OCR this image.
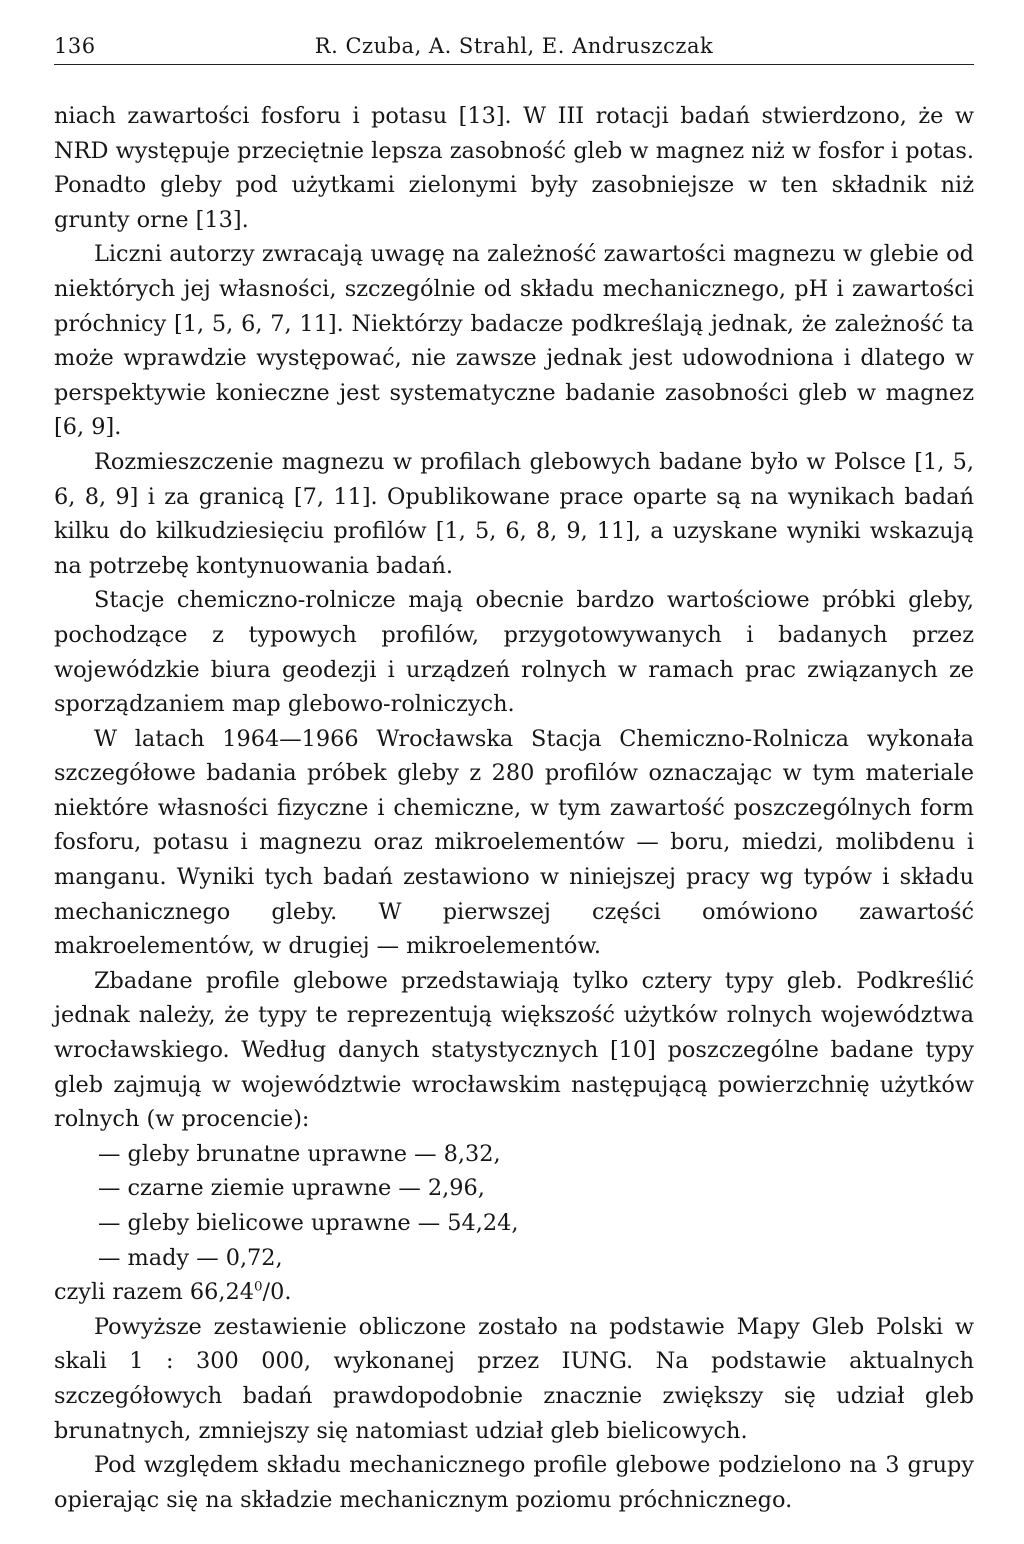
136	R. Czuba, A. Strahl, E. Andruszczak

niach zawartości fosforu i potasu [13]. W III rotacji badań stwierdzono, że w NRD występuje przeciętnie lepsza zasobność gleb w magnez niż w fosfor i potas. Ponadto gleby pod użytkami zielonymi były zasobniejsze w ten składnik niż grunty orne [13].

Liczni autorzy zwracają uwagę na zależność zawartości magnezu w glebie od niektórych jej własności, szczególnie od składu mechanicznego, pH i zawartości próchnicy [1, 5, 6, 7, 11]. Niektórzy badacze podkreślają jednak, że zależność ta może wprawdzie występować, nie zawsze jednak jest udowodniona i dlatego w perspektywie konieczne jest systematyczne badanie zasobności gleb w magnez [6, 9].

Rozmieszczenie magnezu w profilach glebowych badane było w Polsce [1, 5, 6, 8, 9] i za granicą [7, 11]. Opublikowane prace oparte są na wynikach badań kilku do kilkudziesięciu profilów [1, 5, 6, 8, 9, 11], a uzyskane wyniki wskazują na potrzebę kontynuowania badań.

Stacje chemiczno-rolnicze mają obecnie bardzo wartościowe próbki gleby, pochodzące z typowych profilów, przygotowywanych i badanych przez wojewódzkie biura geodezji i urządzeń rolnych w ramach prac związanych ze sporządzaniem map glebowo-rolniczych.

W latach 1964—1966 Wrocławska Stacja Chemiczno-Rolnicza wykonała szczegółowe badania próbek gleby z 280 profilów oznaczając w tym materiale niektóre własności fizyczne i chemiczne, w tym zawartość poszczególnych form fosforu, potasu i magnezu oraz mikroelementów — boru, miedzi, molibdenu i manganu. Wyniki tych badań zestawiono w niniejszej pracy wg typów i składu mechanicznego gleby. W pierwszej części omówiono zawartość makroelementów, w drugiej — mikroelementów.

Zbadane profile glebowe przedstawiają tylko cztery typy gleb. Podkreślić jednak należy, że typy te reprezentują większość użytków rolnych województwa wrocławskiego. Według danych statystycznych [10] poszczególne badane typy gleb zajmują w województwie wrocławskim następującą powierzchnię użytków rolnych (w procencie):

— gleby brunatne uprawne — 8,32,

— czarne ziemie uprawne — 2,96,

— gleby bielicowe uprawne — 54,24,

— mady — 0,72,

czyli razem 66,24$^0$/0.

Powyższe zestawienie obliczone zostało na podstawie Mapy Gleb Polski w skali 1 : 300 000, wykonanej przez IUNG. Na podstawie aktualnych szczegółowych badań prawdopodobnie znacznie zwiększy się udział gleb brunatnych, zmniejszy się natomiast udział gleb bielicowych.

Pod względem składu mechanicznego profile glebowe podzielono na 3 grupy opierając się na składzie mechanicznym poziomu próchnicznego.
